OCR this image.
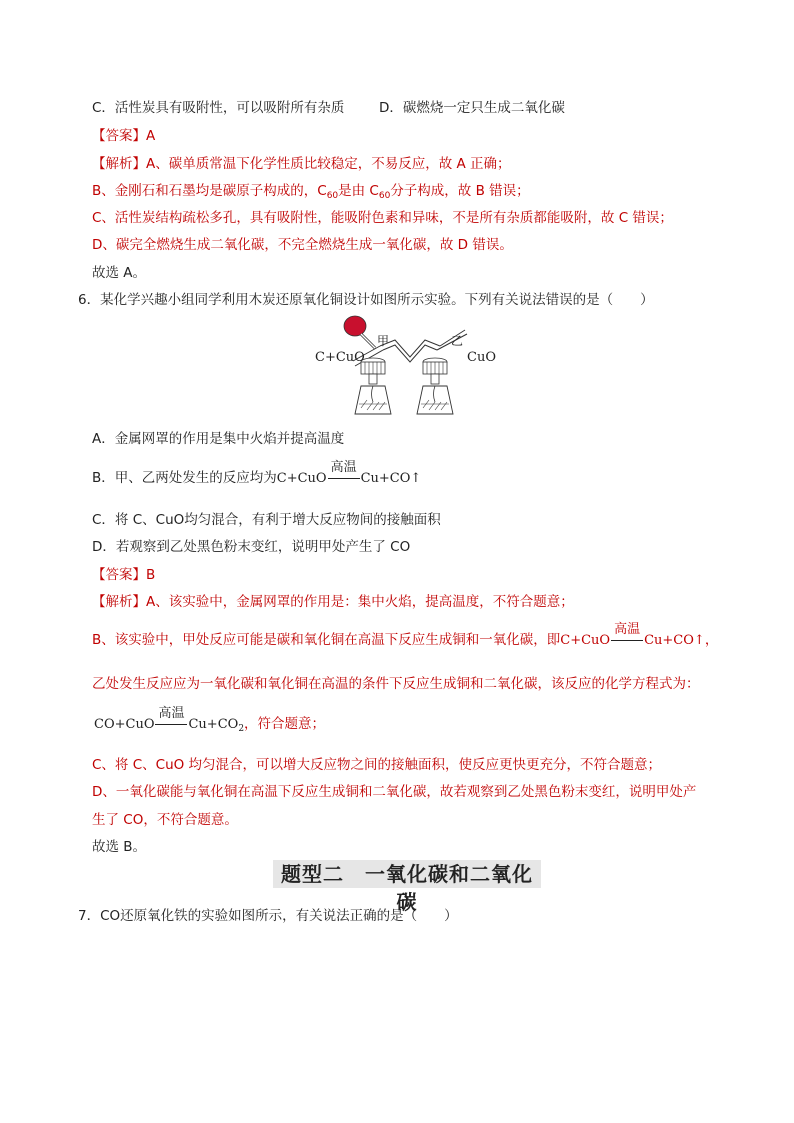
C．活性炭具有吸附性，可以吸附所有杂质	D．碳燃烧一定只生成二氧化碳
【答案】A
【解析】A、碳单质常温下化学性质比较稳定，不易反应，故 A 正确；
B、金刚石和石墨均是碳原子构成的，$C_{60}$是由 $C_{60}$分子构成，故 B 错误；
C、活性炭结构疏松多孔，具有吸附性，能吸附色素和异味，不是所有杂质都能吸附，故 C 错误；
D、碳完全燃烧生成二氧化碳，不完全燃烧生成一氧化碳，故 D 错误。
故选 A。
6．某化学兴趣小组同学利用木炭还原氧化铜设计如图所示实验。下列有关说法错误的是（　　）
C+CuO
甲	乙
CuO
A．金属网罩的作用是集中火焰并提高温度
B．甲、乙两处发生的反应均为C+CuO
高温
Cu+CO↑
C．将 C、CuO均匀混合，有利于增大反应物间的接触面积
D．若观察到乙处黑色粉末变红，说明甲处产生了 CO
【答案】B
【解析】A、该实验中，金属网罩的作用是：集中火焰，提高温度，不符合题意；
B、该实验中，甲处反应可能是碳和氧化铜在高温下反应生成铜和一氧化碳，即C+CuO
高温
Cu+CO↑，
乙处发生反应应为一氧化碳和氧化铜在高温的条件下反应生成铜和二氧化碳，该反应的化学方程式为：
CO+CuO
高温
$Cu+CO_2$，符合题意；
C、将 C、CuO 均匀混合，可以增大反应物之间的接触面积，使反应更快更充分，不符合题意；
D、一氧化碳能与氧化铜在高温下反应生成铜和二氧化碳，故若观察到乙处黑色粉末变红，说明甲处产
生了 CO，不符合题意。
故选 B。
题型二　一氧化碳和二氧化碳
7．CO还原氧化铁的实验如图所示，有关说法正确的是（　　）
